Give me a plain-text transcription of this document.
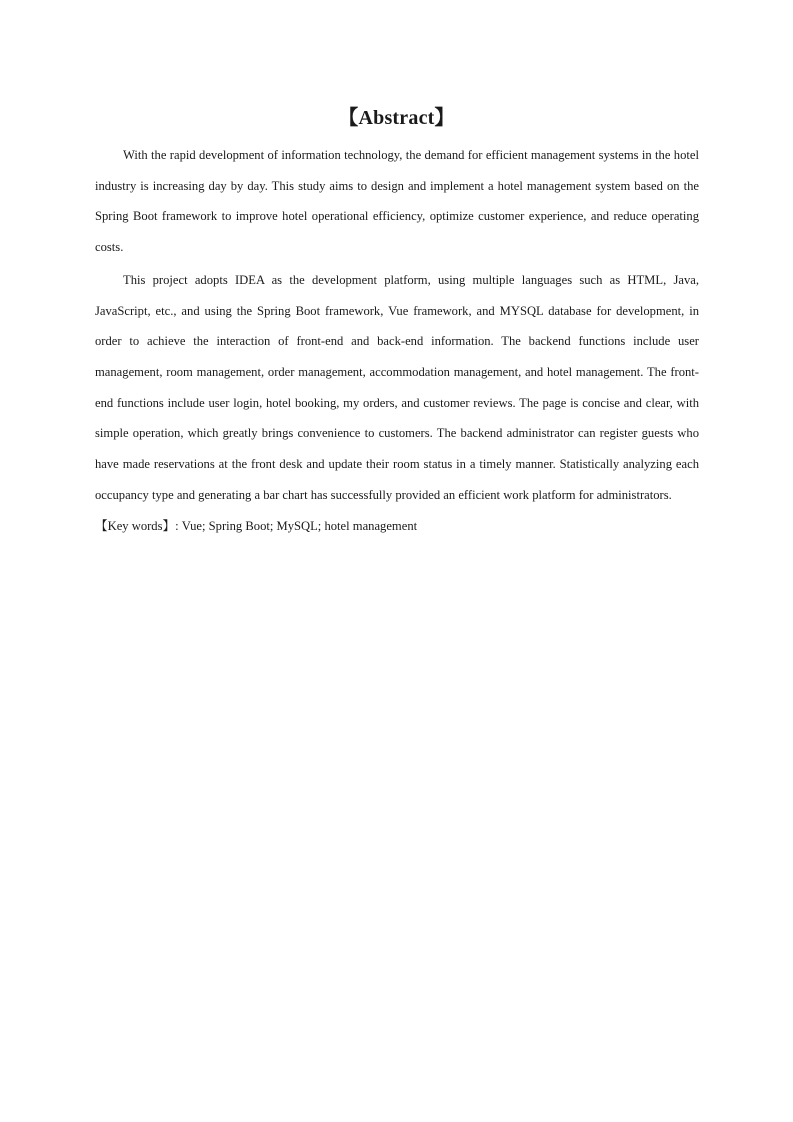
【Abstract】

With the rapid development of information technology, the demand for efficient management systems in the hotel industry is increasing day by day. This study aims to design and implement a hotel management system based on the Spring Boot framework to improve hotel operational efficiency, optimize customer experience, and reduce operating costs.

This project adopts IDEA as the development platform, using multiple languages such as HTML, Java, JavaScript, etc., and using the Spring Boot framework, Vue framework, and MYSQL database for development, in order to achieve the interaction of front-end and back-end information. The backend functions include user management, room management, order management, accommodation management, and hotel management. The front-end functions include user login, hotel booking, my orders, and customer reviews. The page is concise and clear, with simple operation, which greatly brings convenience to customers. The backend administrator can register guests who have made reservations at the front desk and update their room status in a timely manner. Statistically analyzing each occupancy type and generating a bar chart has successfully provided an efficient work platform for administrators.

【Key words】: Vue; Spring Boot; MySQL; hotel management
